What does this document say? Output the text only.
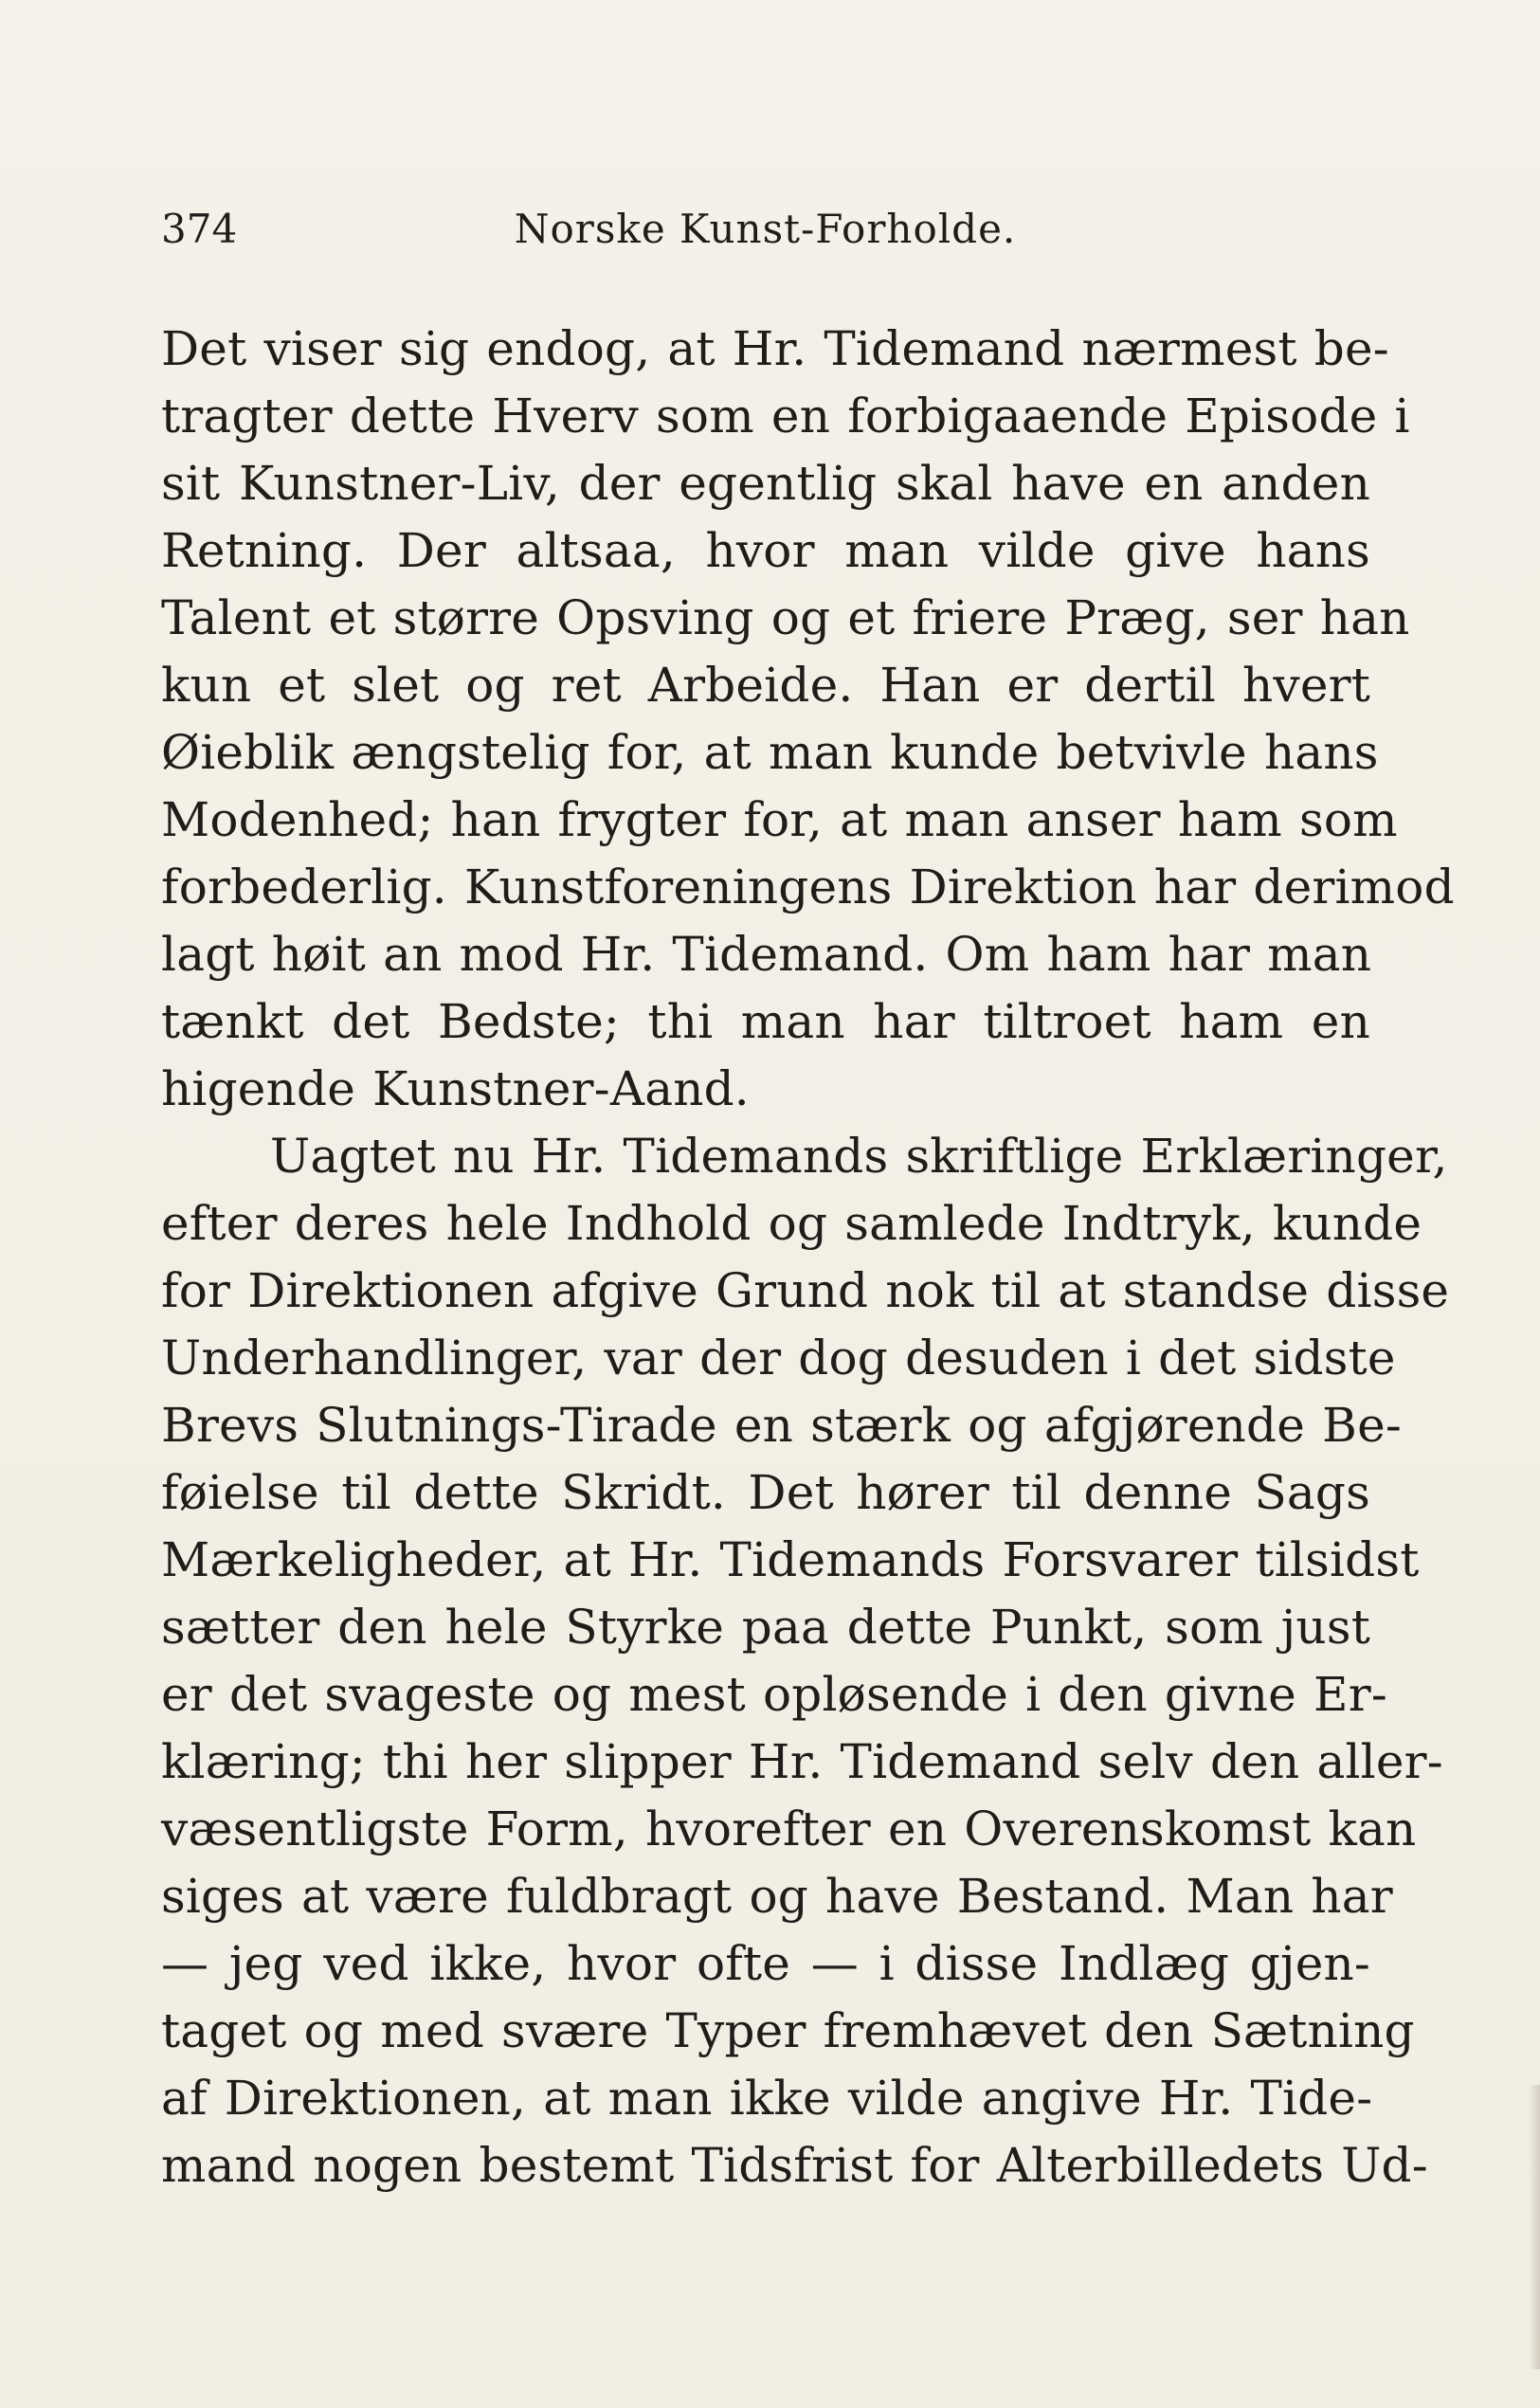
374	Norske Kunst-Forholde.
Det viser sig endog, at Hr. Tidemand nærmest be-
tragter dette Hverv som en forbigaaende Episode i
sit Kunstner-Liv, der egentlig skal have en anden
Retning. Der altsaa, hvor man vilde give hans
Talent et større Opsving og et friere Præg, ser han
kun et slet og ret Arbeide. Han er dertil hvert
Øieblik ængstelig for, at man kunde betvivle hans
Modenhed; han frygter for, at man anser ham som
forbederlig. Kunstforeningens Direktion har derimod
lagt høit an mod Hr. Tidemand. Om ham har man
tænkt det Bedste; thi man har tiltroet ham en
higende Kunstner-Aand.
Uagtet nu Hr. Tidemands skriftlige Erklæringer,
efter deres hele Indhold og samlede Indtryk, kunde
for Direktionen afgive Grund nok til at standse disse
Underhandlinger, var der dog desuden i det sidste
Brevs Slutnings-Tirade en stærk og afgjørende Be-
føielse til dette Skridt. Det hører til denne Sags
Mærkeligheder, at Hr. Tidemands Forsvarer tilsidst
sætter den hele Styrke paa dette Punkt, som just
er det svageste og mest opløsende i den givne Er-
klæring; thi her slipper Hr. Tidemand selv den aller-
væsentligste Form, hvorefter en Overenskomst kan
siges at være fuldbragt og have Bestand. Man har
— jeg ved ikke, hvor ofte — i disse Indlæg gjen-
taget og med svære Typer fremhævet den Sætning
af Direktionen, at man ikke vilde angive Hr. Tide-
mand nogen bestemt Tidsfrist for Alterbilledets Ud-
